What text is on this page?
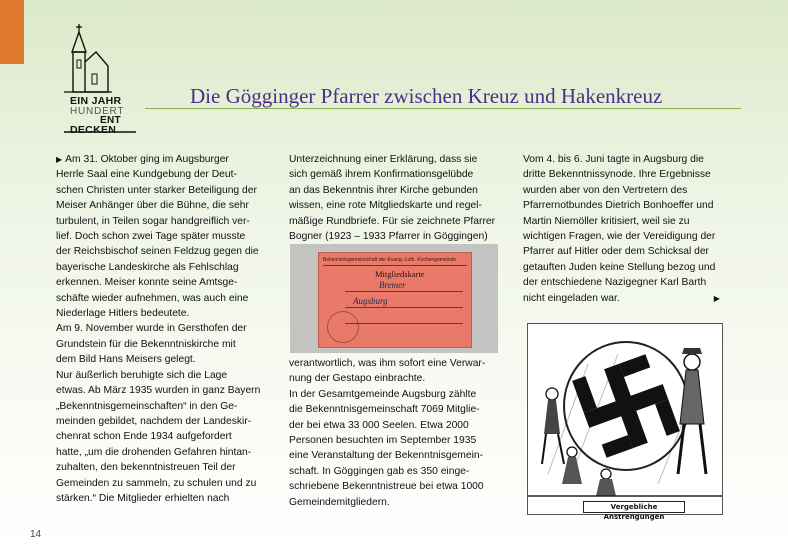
EIN JAHR
HUNDERT
ENT
DECKEN
Die Gögginger Pfarrer zwischen Kreuz und Hakenkreuz

▶ Am 31. Oktober ging im Augsburger

Herrle Saal eine Kundgebung der Deut-

schen Christen unter starker Beteiligung der

Meiser Anhänger über die Bühne, die sehr

turbulent, in Teilen sogar handgreiflich ver-

lief. Doch schon zwei Tage später musste

der Reichsbischof seinen Feldzug gegen die

bayerische Landeskirche als Fehlschlag

erkennen. Meiser konnte seine Amtsge-

schäfte wieder aufnehmen, was auch eine

Niederlage Hitlers bedeutete.

Am 9. November wurde in Gersthofen der

Grundstein für die Bekenntniskirche mit

dem Bild Hans Meisers gelegt.

Nur äußerlich beruhigte sich die Lage

etwas. Ab März 1935 wurden in ganz Bayern

„Bekenntnisgemeinschaften“ in den Ge-

meinden gebildet, nachdem der Landeskir-

chenrat schon Ende 1934 aufgefordert

hatte, „um die drohenden Gefahren hintan-

zuhalten, den bekenntnistreuen Teil der

Gemeinden zu sammeln, zu schulen und zu

stärken.“ Die Mitglieder erhielten nach

Unterzeichnung einer Erklärung, dass sie

sich gemäß ihrem Konfirmationsgelübde

an das Bekenntnis ihrer Kirche gebunden

wissen, eine rote Mitgliedskarte und regel-

mäßige Rundbriefe. Für sie zeichnete Pfarrer

Bogner (1923 – 1933 Pfarrer in Göggingen)

Bekenntnisgemeinschaft der Evang.-Luth. Kirchengemeinde
Mitgliedskarte
Bremer
Augsburg

verantwortlich, was ihm sofort eine Verwar-

nung der Gestapo einbrachte.

In der Gesamtgemeinde Augsburg zählte

die Bekenntnisgemeinschaft 7069 Mitglie-

der bei etwa 33 000 Seelen. Etwa 2000

Personen besuchten im September 1935

eine Veranstaltung der Bekenntnisgemein-

schaft. In Göggingen gab es 350 einge-

schriebene Bekenntnistreue bei etwa 1000

Gemeindemitgliedern.

Vom 4. bis 6. Juni tagte in Augsburg die

dritte Bekenntnissynode. Ihre Ergebnisse

wurden aber von den Vertretern des

Pfarrernotbundes Dietrich Bonhoeffer und

Martin Niemöller kritisiert, weil sie zu

wichtigen Fragen, wie der Vereidigung der

Pfarrer auf Hitler oder dem Schicksal der

getauften Juden keine Stellung bezog und

der entschiedene Nazigegner Karl Barth

nicht eingeladen war.	▶

Vergebliche Anstrengungen
14
